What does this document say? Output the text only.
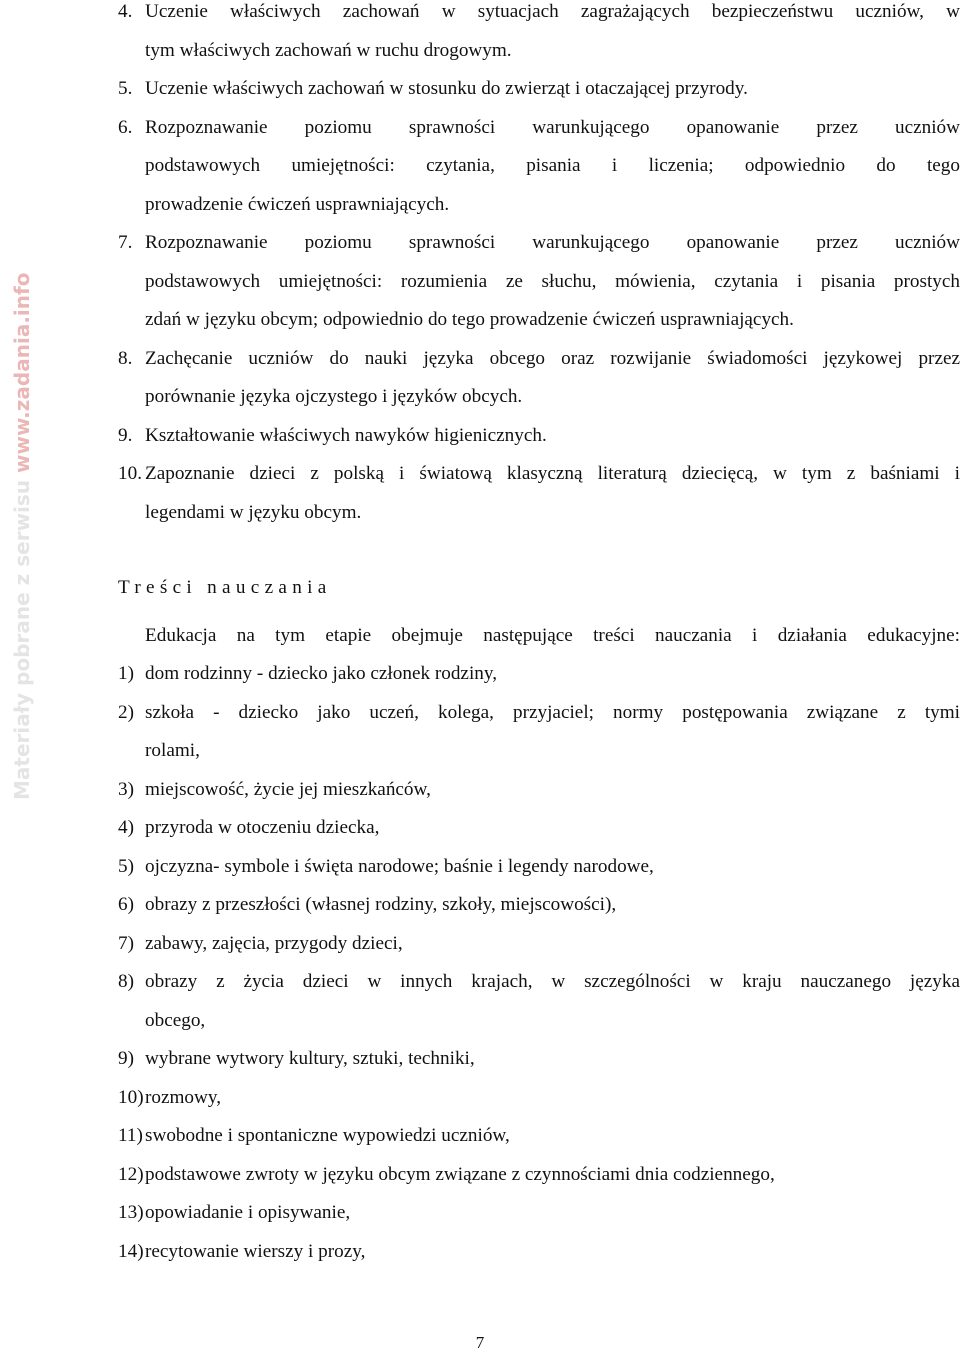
Materiały pobrane z serwisu www.zadania.info
4. Uczenie właściwych zachowań w sytuacjach zagrażających bezpieczeństwu uczniów, w
tym właściwych zachowań w ruchu drogowym.
5. Uczenie właściwych zachowań w stosunku do zwierząt i otaczającej przyrody.
6. Rozpoznawanie poziomu sprawności warunkującego opanowanie przez uczniów
podstawowych umiejętności: czytania, pisania i liczenia; odpowiednio do tego
prowadzenie ćwiczeń usprawniających.
7. Rozpoznawanie poziomu sprawności warunkującego opanowanie przez uczniów
podstawowych umiejętności: rozumienia ze słuchu, mówienia, czytania i pisania prostych
zdań w języku obcym; odpowiednio do tego prowadzenie ćwiczeń usprawniających.
8. Zachęcanie uczniów do nauki języka obcego oraz rozwijanie świadomości językowej przez
porównanie języka ojczystego i języków obcych.
9. Kształtowanie właściwych nawyków higienicznych.
10. Zapoznanie dzieci z polską i światową klasyczną literaturą dziecięcą, w tym z baśniami i
legendami w języku obcym.
Treści nauczania
Edukacja na tym etapie obejmuje następujące treści nauczania i działania edukacyjne:
1) dom rodzinny - dziecko jako członek rodziny,
2) szkoła - dziecko jako uczeń, kolega, przyjaciel; normy postępowania związane z tymi
rolami,
3) miejscowość, życie jej mieszkańców,
4) przyroda w otoczeniu dziecka,
5) ojczyzna- symbole i święta narodowe; baśnie i legendy narodowe,
6) obrazy z przeszłości (własnej rodziny, szkoły, miejscowości),
7) zabawy, zajęcia, przygody dzieci,
8) obrazy z życia dzieci w innych krajach, w szczególności w kraju nauczanego języka
obcego,
9) wybrane wytwory kultury, sztuki, techniki,
10) rozmowy,
11) swobodne i spontaniczne wypowiedzi uczniów,
12) podstawowe zwroty w języku obcym związane z czynnościami dnia codziennego,
13) opowiadanie i opisywanie,
14) recytowanie wierszy i prozy,
7
